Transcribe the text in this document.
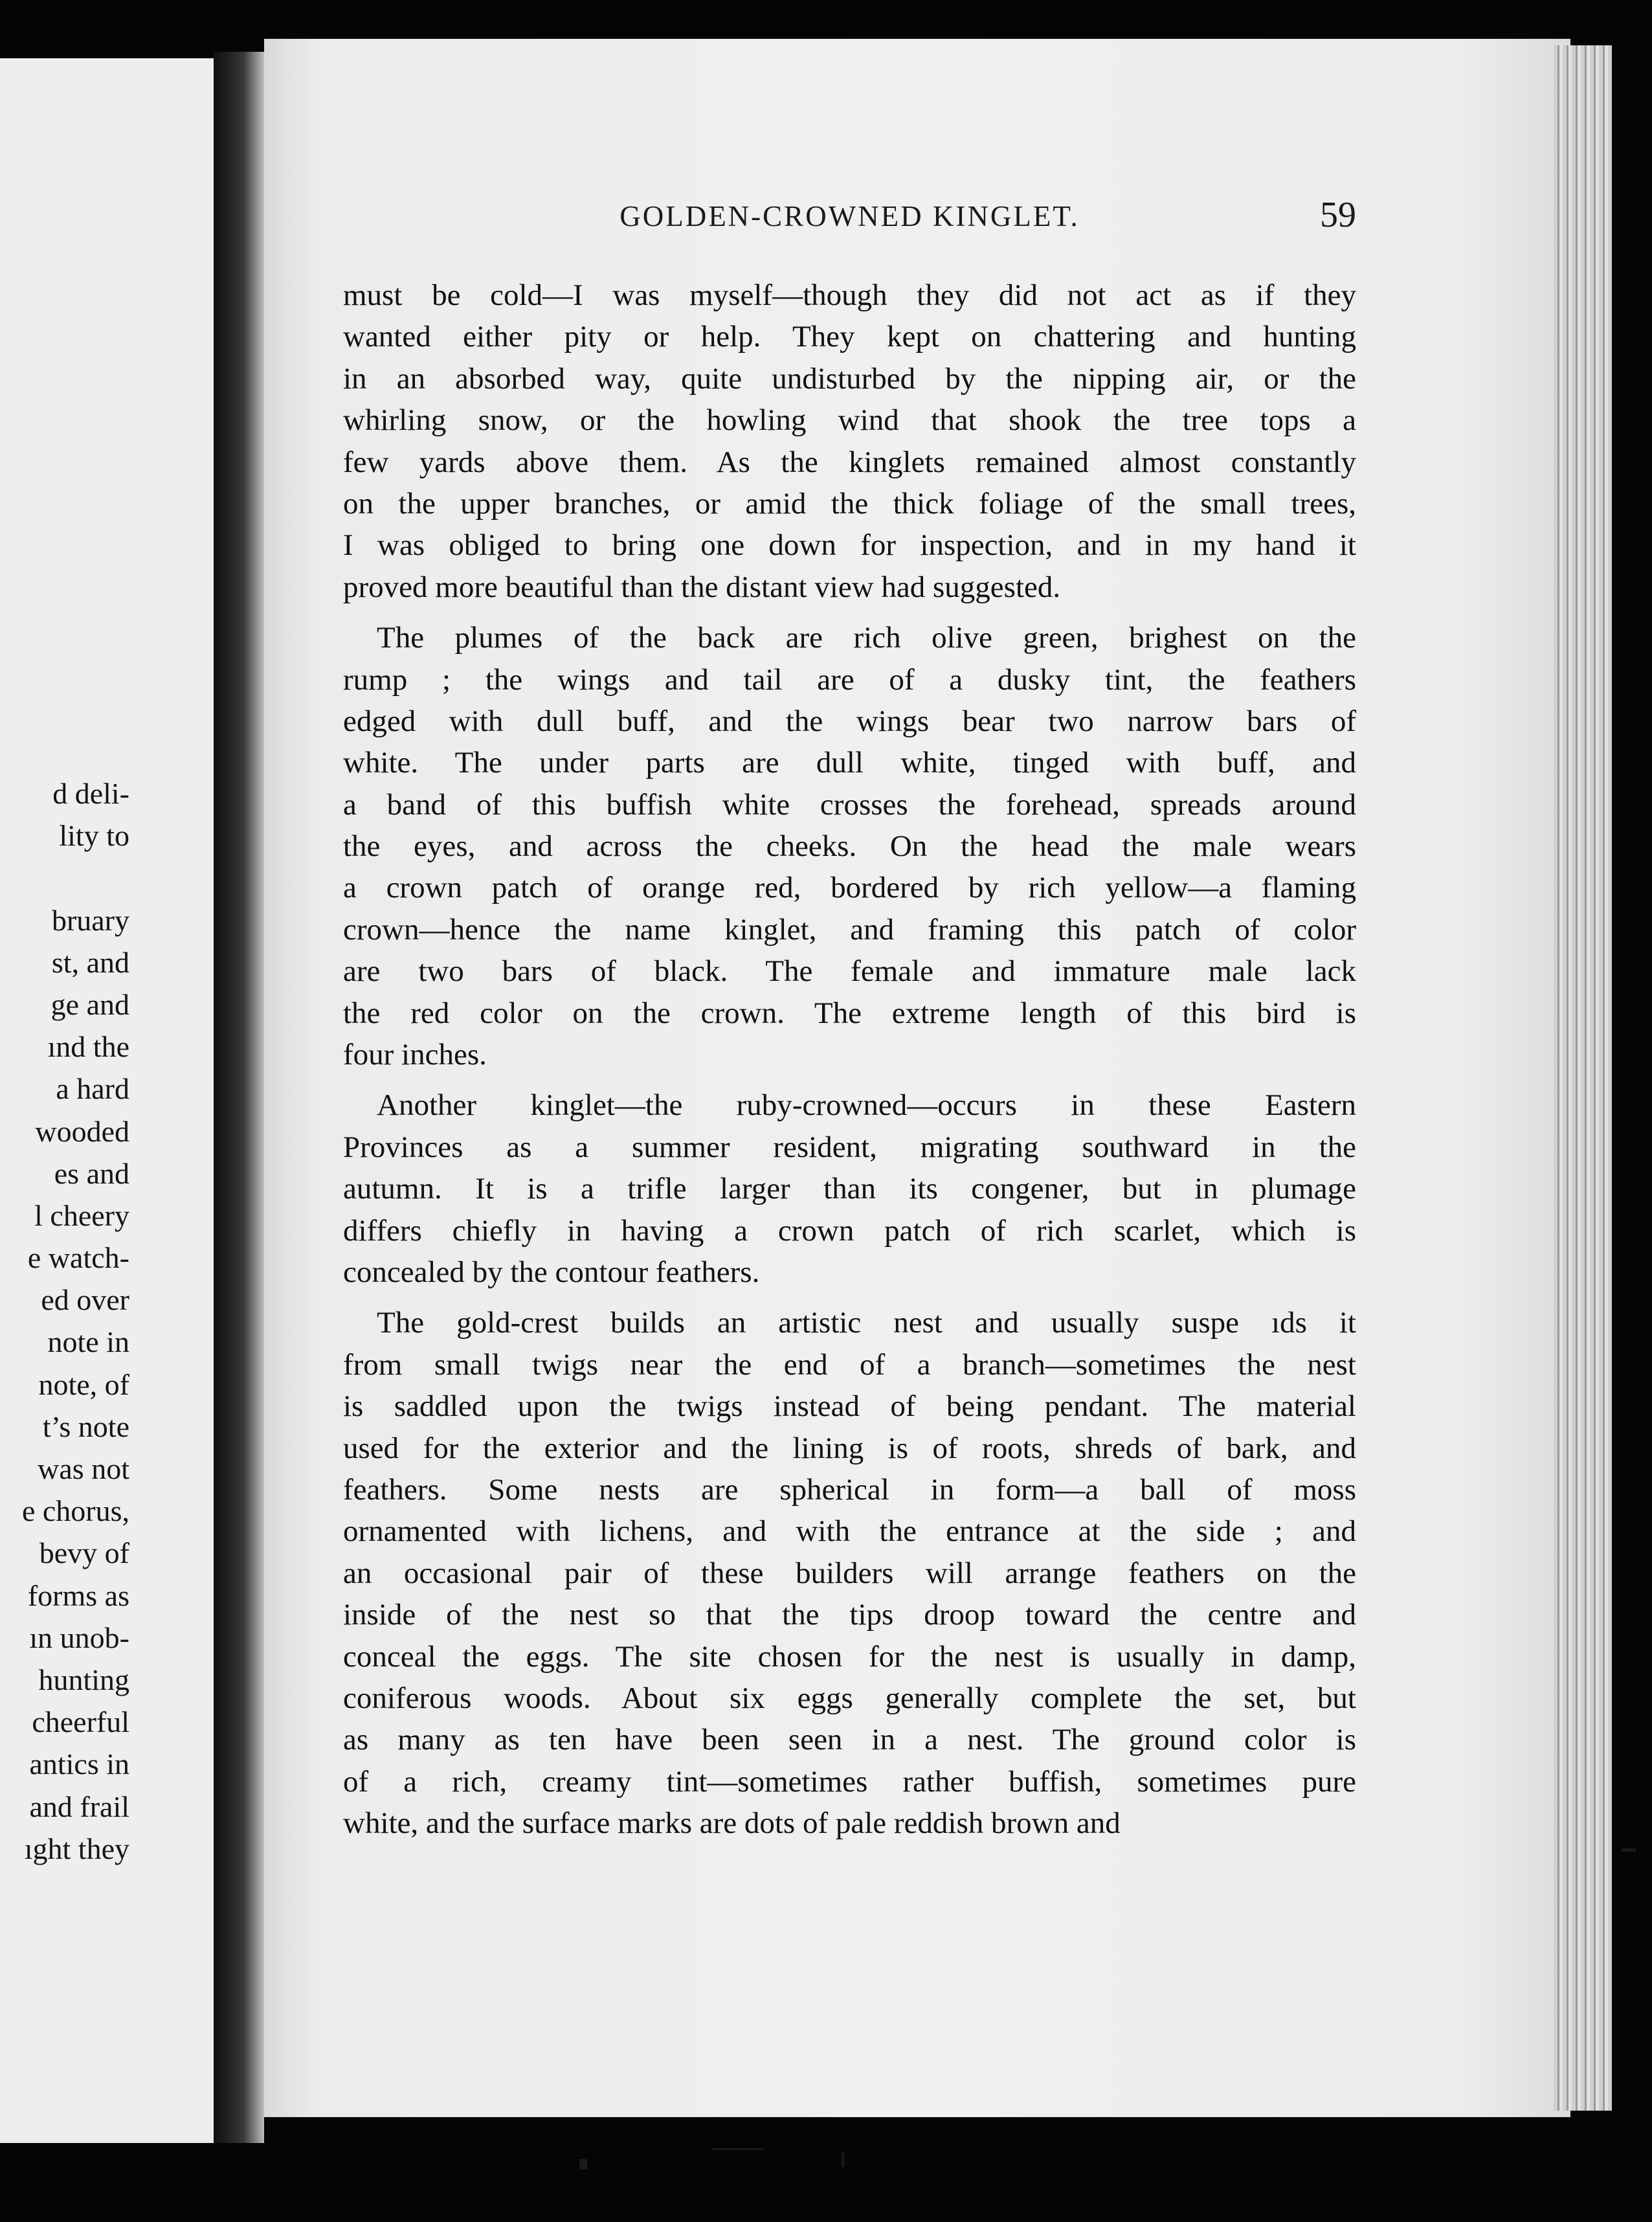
d deli-
lity to
bruary
st, and
ge and
ınd the
a hard
wooded
es and
l cheery
e watch-
ed over
note in
note, of
t’s note
was not
e chorus,
bevy of
forms as
ın unob-
hunting
cheerful
antics in
and frail
ıght they
GOLDEN-CROWNED KINGLET.	59

must be cold—I was myself—though they did not act as if they
wanted either pity or help. They kept on chattering and hunting
in an absorbed way, quite undisturbed by the nipping air, or the
whirling snow, or the howling wind that shook the tree tops a
few yards above them. As the kinglets remained almost constantly
on the upper branches, or amid the thick foliage of the small trees,
I was obliged to bring one down for inspection, and in my hand it
proved more beautiful than the distant view had suggested.

The plumes of the back are rich olive green, brighest on the
rump ; the wings and tail are of a dusky tint, the feathers
edged with dull buff, and the wings bear two narrow bars of
white. The under parts are dull white, tinged with buff, and
a band of this buffish white crosses the forehead, spreads around
the eyes, and across the cheeks. On the head the male wears
a crown patch of orange red, bordered by rich yellow—a flaming
crown—hence the name kinglet, and framing this patch of color
are two bars of black. The female and immature male lack
the red color on the crown. The extreme length of this bird is
four inches.

Another kinglet—the ruby-crowned—occurs in these Eastern
Provinces as a summer resident, migrating southward in the
autumn. It is a trifle larger than its congener, but in plumage
differs chiefly in having a crown patch of rich scarlet, which is
concealed by the contour feathers.

The gold-crest builds an artistic nest and usually suspe ıds it
from small twigs near the end of a branch—sometimes the nest
is saddled upon the twigs instead of being pendant. The material
used for the exterior and the lining is of roots, shreds of bark, and
feathers. Some nests are spherical in form—a ball of moss
ornamented with lichens, and with the entrance at the side ; and
an occasional pair of these builders will arrange feathers on the
inside of the nest so that the tips droop toward the centre and
conceal the eggs. The site chosen for the nest is usually in damp,
coniferous woods. About six eggs generally complete the set, but
as many as ten have been seen in a nest. The ground color is
of a rich, creamy tint—sometimes rather buffish, sometimes pure
white, and the surface marks are dots of pale reddish brown and
